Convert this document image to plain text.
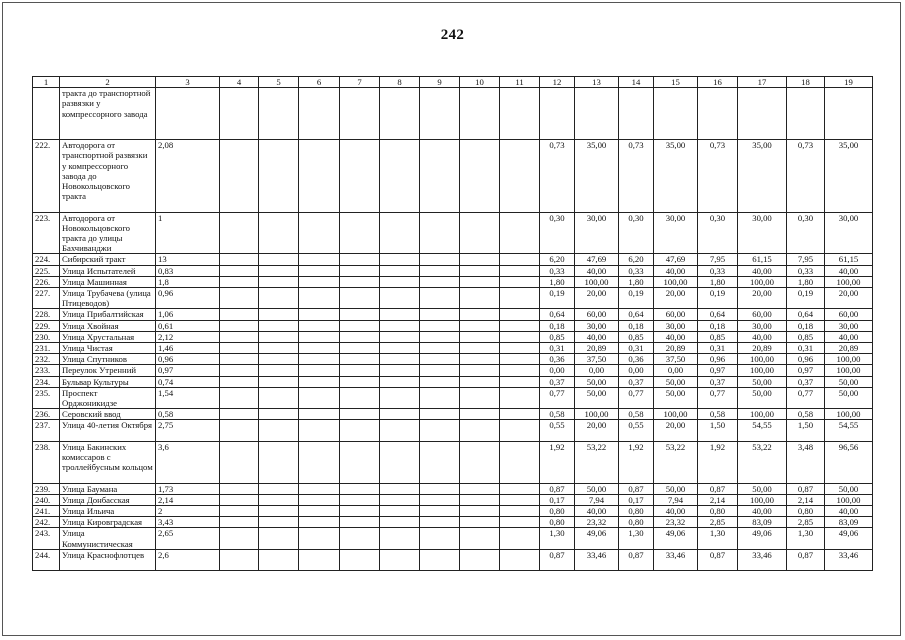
242
1	2	3	4	5	6	7	8	9	10	11	12	13	14	15	16	17	18	19
	тракта до транспортной развязки у компрессорного завода																	
222.	Автодорога от транспортной развязки у компрессорного завода до Новокольцовского тракта	2,08									0,73	35,00	0,73	35,00	0,73	35,00	0,73	35,00
223.	Автодорога от Новокольцовского тракта до улицы Бахчиванджи	1									0,30	30,00	0,30	30,00	0,30	30,00	0,30	30,00
224.	Сибирский тракт	13									6,20	47,69	6,20	47,69	7,95	61,15	7,95	61,15
225.	Улица Испытателей	0,83									0,33	40,00	0,33	40,00	0,33	40,00	0,33	40,00
226.	Улица Машинная	1,8									1,80	100,00	1,80	100,00	1,80	100,00	1,80	100,00
227.	Улица Трубачева (улица Птицеводов)	0,96									0,19	20,00	0,19	20,00	0,19	20,00	0,19	20,00
228.	Улица Прибалтийская	1,06									0,64	60,00	0,64	60,00	0,64	60,00	0,64	60,00
229.	Улица Хвойная	0,61									0,18	30,00	0,18	30,00	0,18	30,00	0,18	30,00
230.	Улица Хрустальная	2,12									0,85	40,00	0,85	40,00	0,85	40,00	0,85	40,00
231.	Улица Чистая	1,46									0,31	20,89	0,31	20,89	0,31	20,89	0,31	20,89
232.	Улица Спутников	0,96									0,36	37,50	0,36	37,50	0,96	100,00	0,96	100,00
233.	Переулок Утренний	0,97									0,00	0,00	0,00	0,00	0,97	100,00	0,97	100,00
234.	Бульвар Культуры	0,74									0,37	50,00	0,37	50,00	0,37	50,00	0,37	50,00
235.	Проспект Орджоникидзе	1,54									0,77	50,00	0,77	50,00	0,77	50,00	0,77	50,00
236.	Серовский ввод	0,58									0,58	100,00	0,58	100,00	0,58	100,00	0,58	100,00
237.	Улица 40-летия Октября	2,75									0,55	20,00	0,55	20,00	1,50	54,55	1,50	54,55
238.	Улица Бакинских комиссаров с троллейбусным кольцом	3,6									1,92	53,22	1,92	53,22	1,92	53,22	3,48	96,56
239.	Улица Баумана	1,73									0,87	50,00	0,87	50,00	0,87	50,00	0,87	50,00
240.	Улица Донбасская	2,14									0,17	7,94	0,17	7,94	2,14	100,00	2,14	100,00
241.	Улица Ильича	2									0,80	40,00	0,80	40,00	0,80	40,00	0,80	40,00
242.	Улица Кировградская	3,43									0,80	23,32	0,80	23,32	2,85	83,09	2,85	83,09
243.	Улица Коммунистическая	2,65									1,30	49,06	1,30	49,06	1,30	49,06	1,30	49,06
244.	Улица Краснофлотцев	2,6									0,87	33,46	0,87	33,46	0,87	33,46	0,87	33,46
